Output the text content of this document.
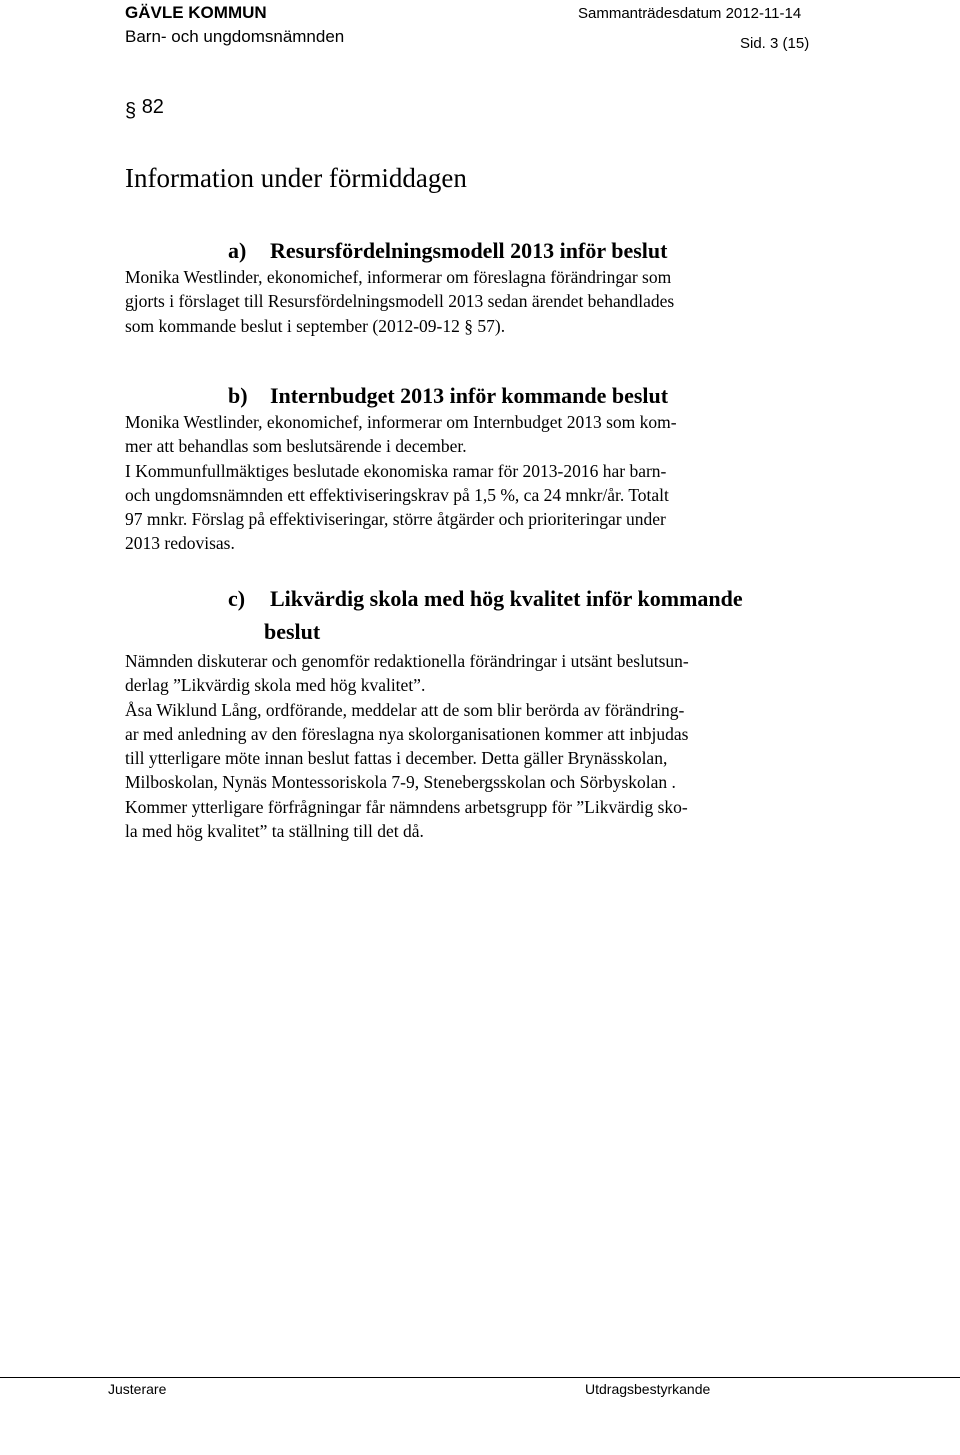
GÄVLE KOMMUN
Barn- och ungdomsnämnden
Sammanträdesdatum 2012-11-14
Sid. 3 (15)
§ 82
Information under förmiddagen
a) Resursfördelningsmodell 2013 inför beslut
Monika Westlinder, ekonomichef, informerar om föreslagna förändringar som
gjorts i förslaget till Resursfördelningsmodell 2013 sedan ärendet behandlades
som kommande beslut i september (2012-09-12 § 57).
b) Internbudget 2013 inför kommande beslut
Monika Westlinder, ekonomichef, informerar om Internbudget 2013 som kom-
mer att behandlas som beslutsärende i december.
I Kommunfullmäktiges beslutade ekonomiska ramar för 2013-2016 har barn-
och ungdomsnämnden ett effektiviseringskrav på 1,5 %, ca 24 mnkr/år. Totalt
97 mnkr. Förslag på effektiviseringar, större åtgärder och prioriteringar under
2013 redovisas.
c) Likvärdig skola med hög kvalitet inför kommande
beslut
Nämnden diskuterar och genomför redaktionella förändringar i utsänt beslutsun-
derlag ”Likvärdig skola med hög kvalitet”.
Åsa Wiklund Lång, ordförande, meddelar att de som blir berörda av förändring-
ar med anledning av den föreslagna nya skolorganisationen kommer att inbjudas
till ytterligare möte innan beslut fattas i december. Detta gäller Brynässkolan,
Milboskolan, Nynäs Montessoriskola 7-9, Stenebergsskolan och Sörbyskolan .
Kommer ytterligare förfrågningar får nämndens arbetsgrupp för ”Likvärdig sko-
la med hög kvalitet” ta ställning till det då.
Justerare	Utdragsbestyrkande
